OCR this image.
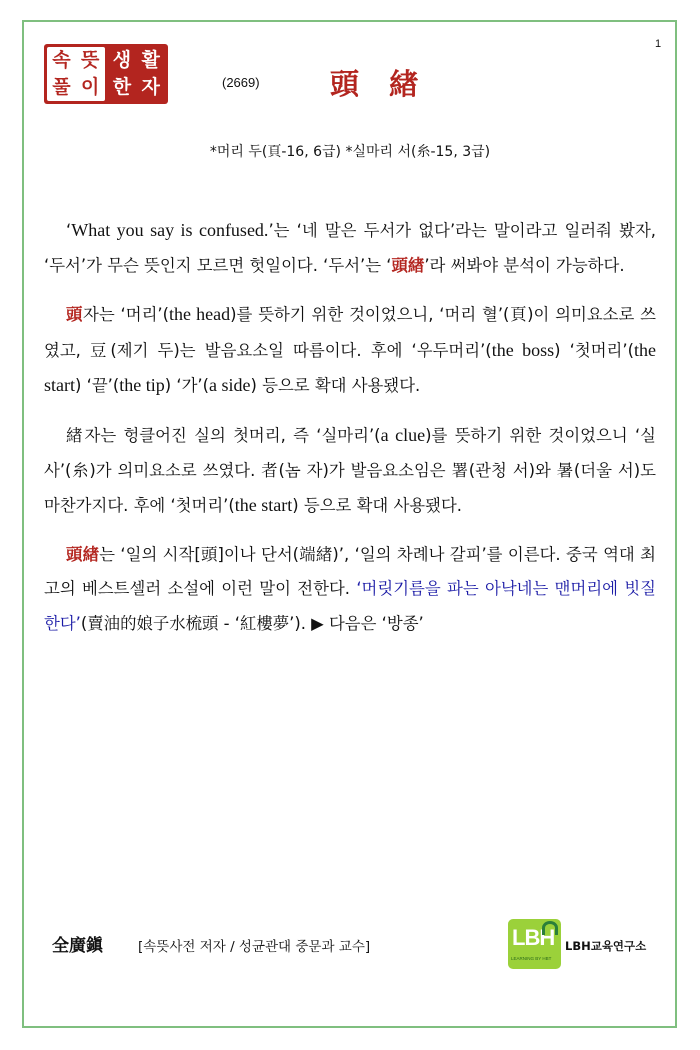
1
속 뜻
풀 이
생 활
한 자	(2669) 頭 緖
*머리 두(頁-16, 6급) *실마리 서(糸-15, 3급)

‘What you say is confused.’는 ‘네 말은 두서가 없다’라는 말이라고 일러줘 봤자, ‘두서’가 무슨 뜻인지 모르면 헛일이다. ‘두서’는 ‘頭緖’라 써봐야 분석이 가능하다.

頭자는 ‘머리’(the head)를 뜻하기 위한 것이었으니, ‘머리 혈’(頁)이 의미요소로 쓰였고, 豆(제기 두)는 발음요소일 따름이다. 후에 ‘우두머리’(the boss) ‘첫머리’(the start) ‘끝’(the tip) ‘가’(a side) 등으로 확대 사용됐다.

緖자는 헝클어진 실의 첫머리, 즉 ‘실마리’(a clue)를 뜻하기 위한 것이었으니 ‘실 사’(糸)가 의미요소로 쓰였다. 者(놈 자)가 발음요소임은 署(관청 서)와 暑(더울 서)도 마찬가지다. 후에 ‘첫머리’(the start) 등으로 확대 사용됐다.

頭緖는 ‘일의 시작[頭]이나 단서(端緖)’, ‘일의 차례나 갈피’를 이른다. 중국 역대 최고의 베스트셀러 소설에 이런 말이 전한다. ‘머릿기름을 파는 아낙네는 맨머리에 빗질한다’(賣油的娘子水梳頭 - ‘紅樓夢’). ▶ 다음은 ‘방종’

全廣鎭	[속뜻사전 저자 / 성균관대 중문과 교수]	LBH
LEARNING BY HBT
LBH교육연구소
